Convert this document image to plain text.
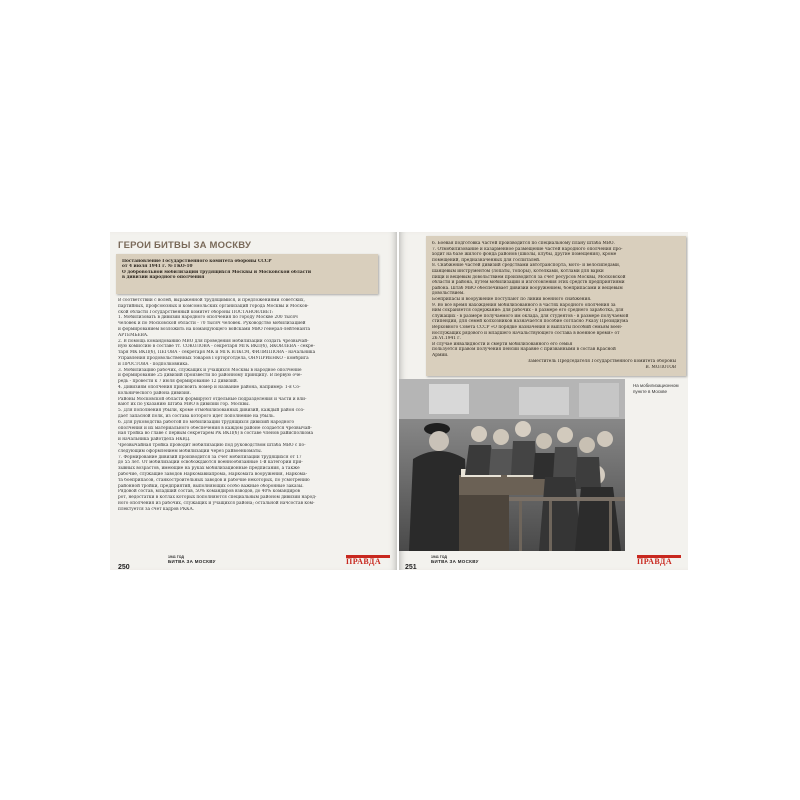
ГЕРОИ БИТВЫ ЗА МОСКВУ
Постановление Государственного комитета обороны СССР
от 4 июля 1941 г. № ГКО-10
О добровольной мобилизации трудящихся Москвы и Московской области
в дивизии народного ополчения
В соответствии с волей, выраженной трудящимися, и предложениями советских,
партийных, профсоюзных и комсомольских организаций города Москвы и Москов-
ской области Государственный комитет обороны ПОСТАНОВЛЯЕТ:
1. Мобилизовать в дивизии народного ополчения по городу Москве 200 тысяч
человек и по Московской области - 70 тысяч человек. Руководство мобилизацией
и формированием возложить на командующего войсками МВО генерал-лейтенанта
АРТЕМЬЕВА.
2. В помощь командованию МВО для проведения мобилизации создать чрезвычай-
ную комиссию в составе тт. СОКОЛОВА - секретаря МГК ВКП(б), ЯКОВЛЕВА - секре-
таря МК ВКП(б), ПЕГОВА - секретаря МК и МГК ВЛКСМ, ФИЛИППОВА - начальника
Управления продовольственных товаров Горторготдела, ОНУПРИЕНКО - комбрига
и ПРОСТОВА - подполковника.
3. Мобилизацию рабочих, служащих и учащихся Москвы в народное ополчение
и формирование 25 дивизий произвести по районному принципу. В первую оче-
редь - провести к 7 июля формирование 12 дивизий.
4. Дивизиям ополчения присвоить номер и название района, например: 1-я Со-
кольнического района дивизия.
Районы Московской области формируют отдельные подразделения и части и вли-
вают их по указанию Штаба МВО в дивизии гор. Москвы.
5. Для пополнения убыли, кроме отмобилизованных дивизий, каждый район соз-
дает запасной полк, из состава которого идет пополнение на убыль.
6. Для руководства работой по мобилизации трудящихся дивизий народного
ополчения и их материального обеспечения в каждом районе создается чрезвычай-
ная тройка во главе с первым секретарем РК ВКП(б) в составе членов райисполкома
и начальника райотдела НКВД.
Чрезвычайная тройка проводит мобилизацию под руководством штаба МВО с по-
следующим оформлением мобилизации через райвоенкоматы.
7. Формирование дивизий производится за счет мобилизации трудящихся от 17
до 55 лет. От мобилизации освобождаются военнообязанные 1-й категории при-
зывных возрастов, имеющие на руках мобилизационные предписания, а также
рабочие, служащие заводов Наркомавиапрома, Наркомата вооружения, Наркома-
та боеприпасов, станкостроительных заводов и рабочие некоторых, по усмотрению
районной тройки, предприятий, выполняющих особо важные оборонные заказы.
Рядовой состав, младший состав, 50% командиров взводов, до 40% командиров
рот, недостатки в котлах которых пополняются специальным районом дивизии народ-
ного ополчения из рабочих, служащих и учащихся района; остальной начсостав ком-
плектуется за счет кадров РККА.
250
1941 ГОД
БИТВА ЗА МОСКВУ	ПРАВДА
6. Боевая подготовка частей производится по специальному плану штаба МВО.
7. Отмобилизование и казарменное размещение частей народного ополчения про-
ходит на базе жилого фонда районов (школы, клубы, другие помещения), кроме
помещений, предназначенных для госпиталей.
8. Снабжение частей дивизий средствами автотранспорта, мото- и велосипедами,
шанцевым инструментом (лопаты, топоры), котелками, котлами для варки
пищи и вещевым довольствием производится за счет ресурсов Москвы, Московской
области и района, путем мобилизации и изготовления этих средств предприятиями
района. Штаб МВО обеспечивает дивизии вооружением, боеприпасами и вещевым
довольствием.
Боеприпасы и вооружение поступают по линии военного снабжения.
9. Во все время нахождения мобилизованного в частях народного ополчения за
ним сохраняется содержание: для рабочих - в размере его среднего заработка, для
служащих - в размере получаемого им оклада, для студентов - в размере получаемой
стипендии, для семей колхозников назначается пособие согласно Указу Президиума
Верховного Совета СССР «О порядке назначения и выплаты пособий семьям воен-
нослужащих рядового и младшего начальствующего состава в военное время» от
26.VI.1941 г.
В случае инвалидности и смерти мобилизованного его семья
пользуется правом получения пенсии наравне с призванными в состав Красной
Армии.
Заместитель Председателя Государственного комитета обороны
В. МОЛОТОВ
На мобилизационном пункте в Москве
251
1941 ГОД
БИТВА ЗА МОСКВУ	ПРАВДА
